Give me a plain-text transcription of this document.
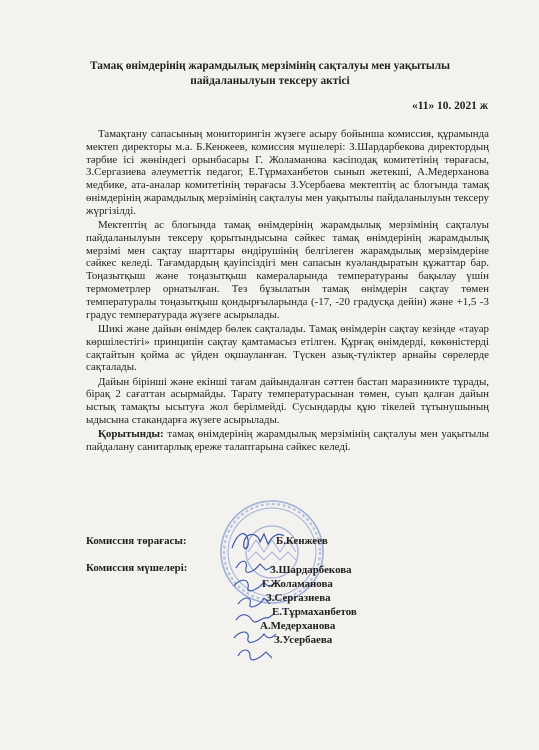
Тамақ өнімдерінің жарамдылық мерзімінің сақталуы мен уақытылы
пайдаланылуын тексеру актісі
«11» 10. 2021 ж

Тамақтану сапасының мониторингін жүзеге асыру бойынша комиссия, құрамында мектеп директоры м.а. Б.Кенжеев, комиссия мүшелері: З.Шардарбекова директордың тәрбие ісі жөніндегі орынбасары Г. Жоламанова кәсіподақ комитетінің төрағасы, З.Сергазиева әлеуметтік педагог, Е.Тұрмаханбетов сынып жетекші, А.Медерханова медбике, ата-аналар комитетінің төрағасы З.Усербаева мектептің ас блогында тамақ өнімдерінің жарамдылық мерзімінің сақталуы мен уақытылы пайдаланылуын тексеру жүргізілді.

Мектептің ас блогында тамақ өнімдерінің жарамдылық мерзімінің сақталуы пайдаланылуын тексеру қорытындысына сәйкес тамақ өнімдерінің жарамдылық мерзімі мен сақтау шарттары өндірушінің белгілеген жарамдылық мерзімдеріне сәйкес келеді. Тағамдардың қауіпсіздігі мен сапасын куәландыратын құжаттар бар. Тоңазытқыш және тоңазытқыш камераларында температураны бақылау үшін термометрлер орнатылған. Тез бұзылатын тамақ өнімдерін сақтау төмен температуралы тоңазытқыш қондырғыларында (-17, -20 градусқа дейін) және +1,5 -3 градус температурада жүзеге асырылады.

Шикі және дайын өнімдер бөлек сақталады. Тамақ өнімдерін сақтау кезінде «тауар көршілестігі» принципін сақтау қамтамасыз етілген. Құрғақ өнімдерді, көкөністерді сақтайтын қойма ас үйден оқшауланған. Түскен азық-түліктер арнайы сөрелерде сақталады.

Дайын бірінші және екінші тағам дайындалған сәттен бастап маразиникте тұрады, бірақ 2 сағаттан асырмайды. Тарату температурасынан төмен, суып қалған дайын ыстық тамақты ысытуға жол берілмейді. Сусындарды құю тікелей тұтынушының ыдысына стакандарға жүзеге асырылады.

Қорытынды: тамақ өнімдерінің жарамдылық мерзімінің сақталуы мен уақытылы пайдалану санитарлық ереже талаптарына сәйкес келеді.

Комиссия төрағасы:	Б.Кенжеев
Комиссия мүшелері:	З.Шардарбекова
Г.Жоламанова
З.Сергазиева
Е.Тұрмаханбетов
А.Медерханова
З.Усербаева
